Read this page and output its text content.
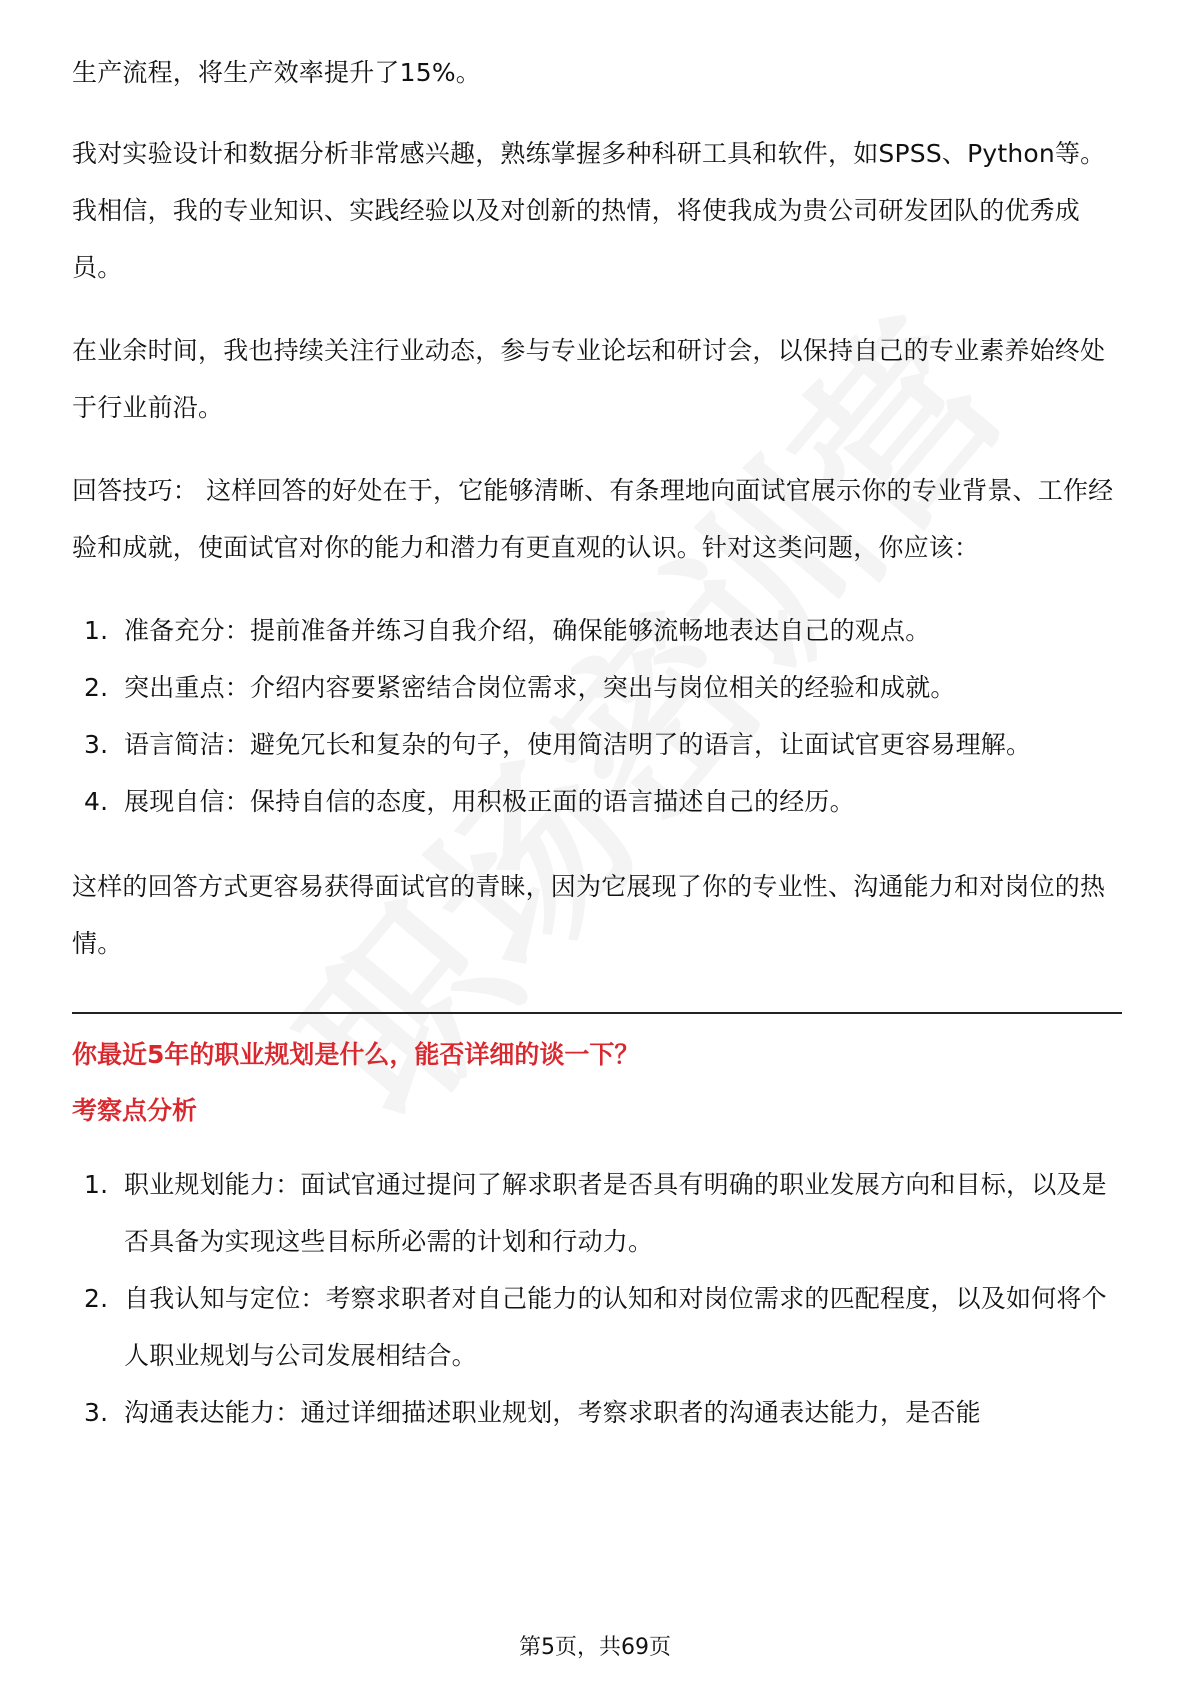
生产流程，将生产效率提升了15%。

我对实验设计和数据分析非常感兴趣，熟练掌握多种科研工具和软件，如SPSS、Python等。我相信，我的专业知识、实践经验以及对创新的热情，将使我成为贵公司研发团队的优秀成员。

在业余时间，我也持续关注行业动态，参与专业论坛和研讨会，以保持自己的专业素养始终处于行业前沿。

回答技巧： 这样回答的好处在于，它能够清晰、有条理地向面试官展示你的专业背景、工作经验和成就，使面试官对你的能力和潜力有更直观的认识。针对这类问题，你应该：

1. 准备充分：提前准备并练习自我介绍，确保能够流畅地表达自己的观点。
2. 突出重点：介绍内容要紧密结合岗位需求，突出与岗位相关的经验和成就。
3. 语言简洁：避免冗长和复杂的句子，使用简洁明了的语言，让面试官更容易理解。
4. 展现自信：保持自信的态度，用积极正面的语言描述自己的经历。

这样的回答方式更容易获得面试官的青睐，因为它展现了你的专业性、沟通能力和对岗位的热情。

你最近5年的职业规划是什么，能否详细的谈一下？
考察点分析
1. 职业规划能力：面试官通过提问了解求职者是否具有明确的职业发展方向和目标，以及是否具备为实现这些目标所必需的计划和行动力。
2. 自我认知与定位：考察求职者对自己能力的认知和对岗位需求的匹配程度，以及如何将个人职业规划与公司发展相结合。
3. 沟通表达能力：通过详细描述职业规划，考察求职者的沟通表达能力，是否能
第5页，共69页
